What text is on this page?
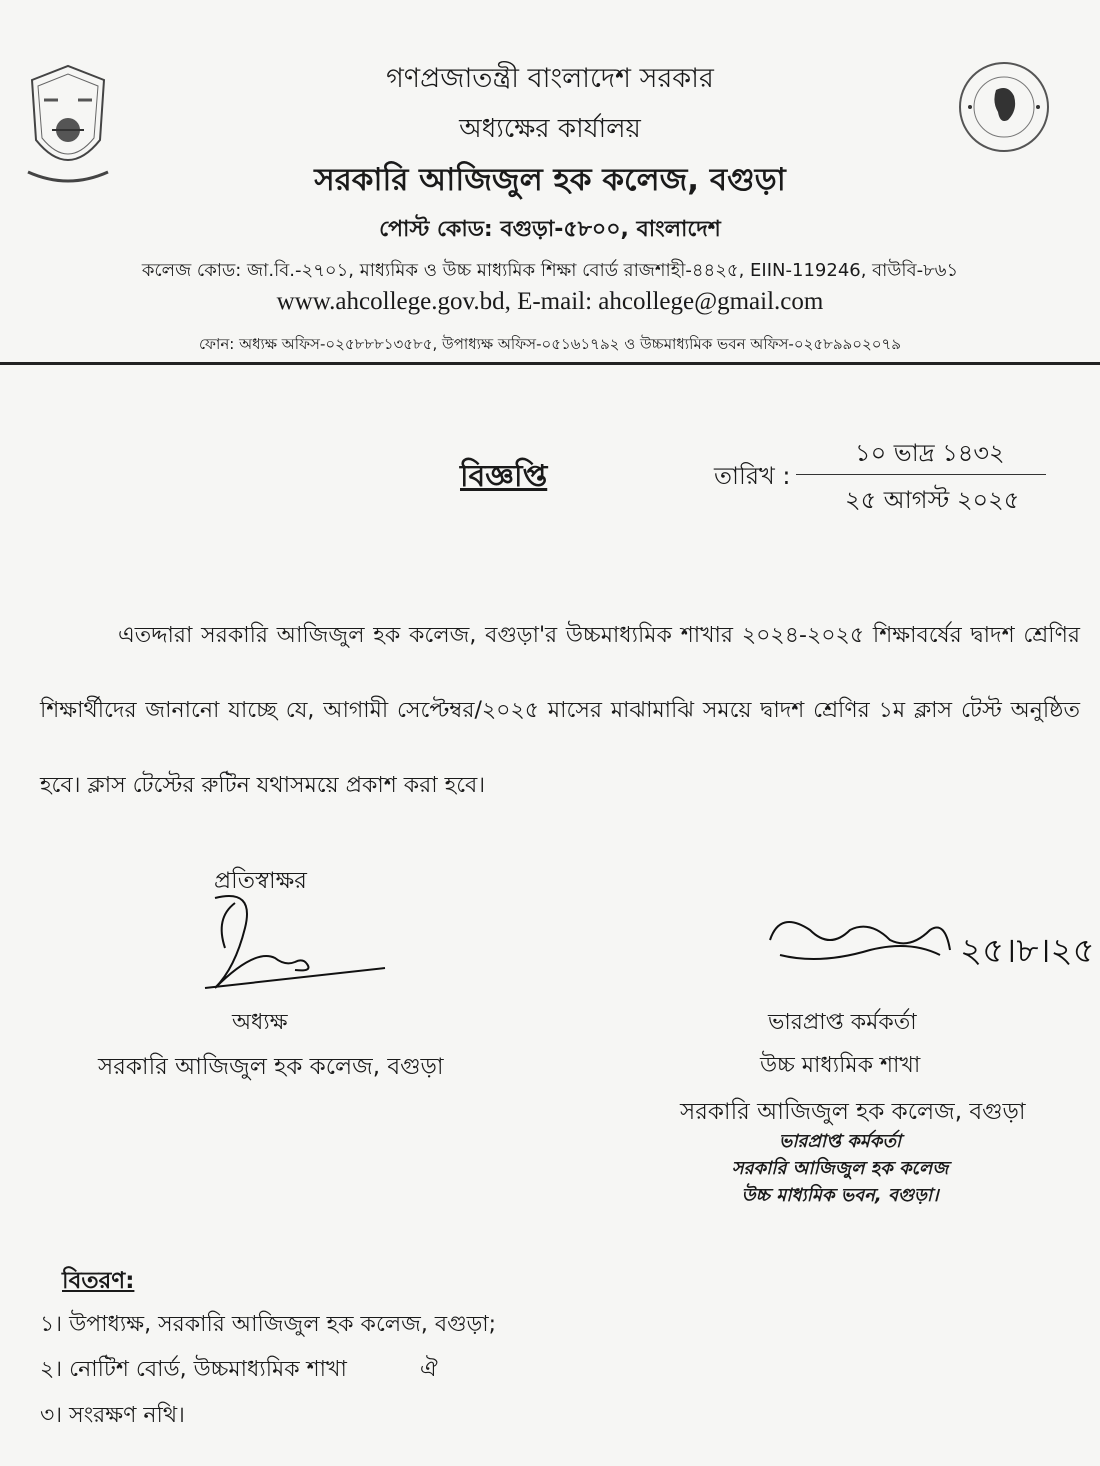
গণপ্রজাতন্ত্রী বাংলাদেশ সরকার
অধ্যক্ষের কার্যালয়
সরকারি আজিজুল হক কলেজ, বগুড়া
পোস্ট কোড: বগুড়া-৫৮০০, বাংলাদেশ
কলেজ কোড: জা.বি.-২৭০১, মাধ্যমিক ও উচ্চ মাধ্যমিক শিক্ষা বোর্ড রাজশাহী-৪৪২৫, EIIN-119246, বাউবি-৮৬১
www.ahcollege.gov.bd, E-mail: ahcollege@gmail.com
ফোন: অধ্যক্ষ অফিস-০২৫৮৮৮১৩৫৮৫, উপাধ্যক্ষ অফিস-০৫১৬১৭৯২ ও উচ্চমাধ্যমিক ভবন অফিস-০২৫৮৯৯০২০৭৯
বিজ্ঞপ্তি	তারিখ :
১০ ভাদ্র ১৪৩২
২৫ আগস্ট ২০২৫
এতদ্দারা সরকারি আজিজুল হক কলেজ, বগুড়া'র উচ্চমাধ্যমিক শাখার ২০২৪-২০২৫ শিক্ষাবর্ষের দ্বাদশ শ্রেণির শিক্ষার্থীদের জানানো যাচ্ছে যে, আগামী সেপ্টেম্বর/২০২৫ মাসের মাঝামাঝি সময়ে দ্বাদশ শ্রেণির ১ম ক্লাস টেস্ট অনুষ্ঠিত হবে। ক্লাস টেস্টের রুটিন যথাসময়ে প্রকাশ করা হবে।
প্রতিস্বাক্ষর
অধ্যক্ষ
সরকারি আজিজুল হক কলেজ, বগুড়া
২৫।৮।২৫
ভারপ্রাপ্ত কর্মকর্তা
উচ্চ মাধ্যমিক শাখা
সরকারি আজিজুল হক কলেজ, বগুড়া
ভারপ্রাপ্ত কর্মকর্তা
সরকারি আজিজুল হক কলেজ
উচ্চ মাধ্যমিক ভবন, বগুড়া।
বিতরণ:
১। উপাধ্যক্ষ, সরকারি আজিজুল হক কলেজ, বগুড়া;
২। নোটিশ বোর্ড, উচ্চমাধ্যমিক শাখা	ঐ
৩। সংরক্ষণ নথি।
